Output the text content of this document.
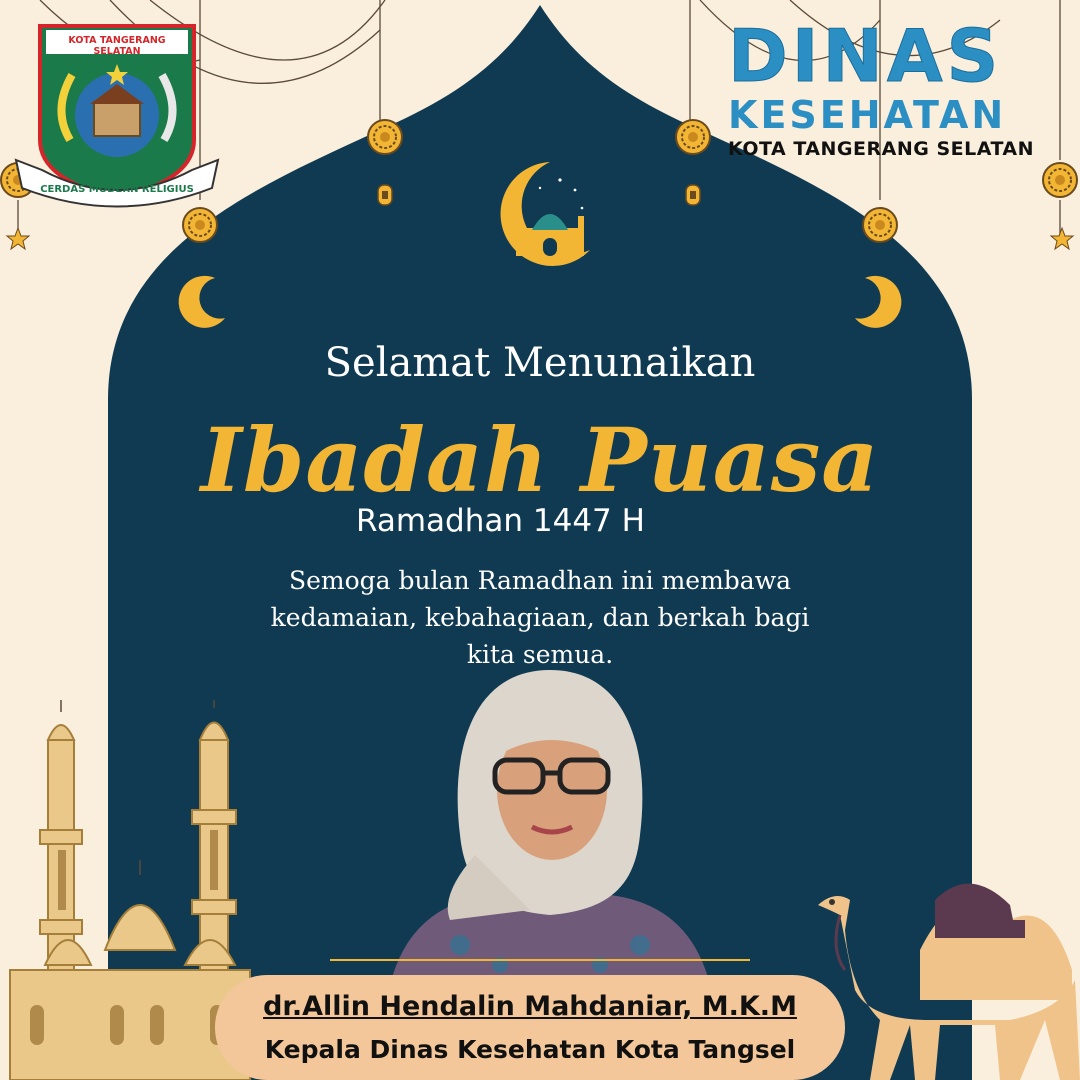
KOTA TANGERANG SELATAN
CERDAS MODERN RELIGIUS
DINAS
KESEHATAN
KOTA TANGERANG SELATAN
Selamat Menunaikan
Ibadah Puasa
Ramadhan 1447 H
Semoga bulan Ramadhan ini membawa kedamaian, kebahagiaan, dan berkah bagi kita semua.
dr.Allin Hendalin Mahdaniar, M.K.M
Kepala Dinas Kesehatan Kota Tangsel
